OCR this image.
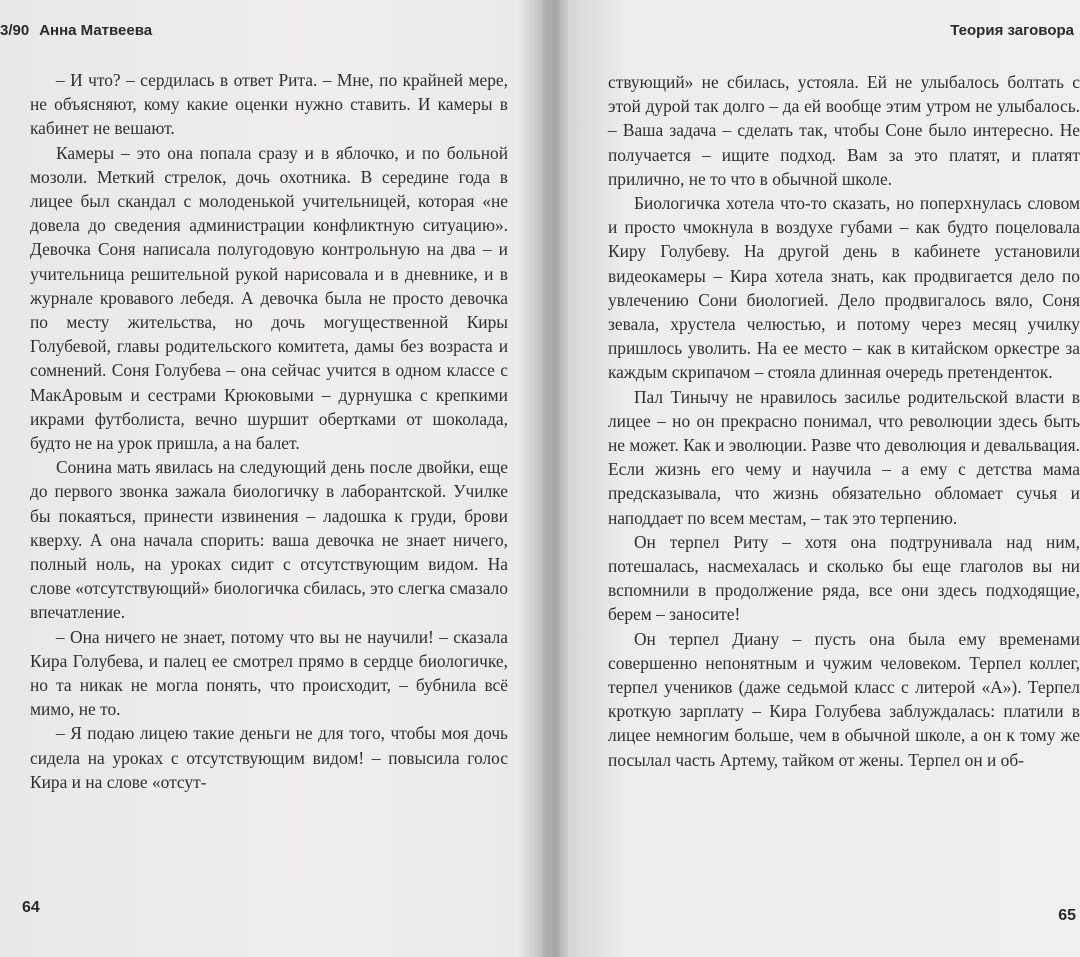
3/90 Анна Матвеева

– И что? – сердилась в ответ Рита. – Мне, по крайней мере, не объясняют, кому какие оценки нужно ставить. И камеры в кабинет не вешают.

Камеры – это она попала сразу и в яблочко, и по больной мозоли. Меткий стрелок, дочь охотника. В середине года в лицее был скандал с молоденькой учительницей, которая «не довела до сведения администрации конфликтную ситуацию». Девочка Соня написала полугодовую контрольную на два – и учительница решительной рукой нарисовала и в дневнике, и в журнале кровавого лебедя. А девочка была не просто девочка по месту жительства, но дочь могущественной Киры Голубевой, главы родительского комитета, дамы без возраста и сомнений. Соня Голубева – она сейчас учится в одном классе с МакАровым и сестрами Крюковыми – дурнушка с крепкими икрами футболиста, вечно шуршит обертками от шоколада, будто не на урок пришла, а на балет.

Сонина мать явилась на следующий день после двойки, еще до первого звонка зажала биологичку в лаборантской. Училке бы покаяться, принести извинения – ладошка к груди, брови кверху. А она начала спорить: ваша девочка не знает ничего, полный ноль, на уроках сидит с отсутствующим видом. На слове «отсутствующий» биологичка сбилась, это слегка смазало впечатление.

– Она ничего не знает, потому что вы не научили! – сказала Кира Голубева, и палец ее смотрел прямо в сердце биологичке, но та никак не могла понять, что происходит, – бубнила всё мимо, не то.

– Я подаю лицею такие деньги не для того, чтобы моя дочь сидела на уроках с отсутствующим видом! – повысила голос Кира и на слове «отсут-

64
Теория заговора

ствующий» не сбилась, устояла. Ей не улыбалось болтать с этой дурой так долго – да ей вообще этим утром не улыбалось. – Ваша задача – сделать так, чтобы Соне было интересно. Не получается – ищите подход. Вам за это платят, и платят прилично, не то что в обычной школе.

Биологичка хотела что-то сказать, но поперхнулась словом и просто чмокнула в воздухе губами – как будто поцеловала Киру Голубеву. На другой день в кабинете установили видеокамеры – Кира хотела знать, как продвигается дело по увлечению Сони биологией. Дело продвигалось вяло, Соня зевала, хрустела челюстью, и потому через месяц училку пришлось уволить. На ее место – как в китайском оркестре за каждым скрипачом – стояла длинная очередь претенденток.

Пал Тинычу не нравилось засилье родительской власти в лицее – но он прекрасно понимал, что революции здесь быть не может. Как и эволюции. Разве что деволюция и девальвация. Если жизнь его чему и научила – а ему с детства мама предсказывала, что жизнь обязательно обломает сучья и наподдает по всем местам, – так это терпению.

Он терпел Риту – хотя она подтрунивала над ним, потешалась, насмехалась и сколько бы еще глаголов вы ни вспомнили в продолжение ряда, все они здесь подходящие, берем – заносите!

Он терпел Диану – пусть она была ему временами совершенно непонятным и чужим человеком. Терпел коллег, терпел учеников (даже седьмой класс с литерой «А»). Терпел кроткую зарплату – Кира Голубева заблуждалась: платили в лицее немногим больше, чем в обычной школе, а он к тому же посылал часть Артему, тайком от жены. Терпел он и об-

65
